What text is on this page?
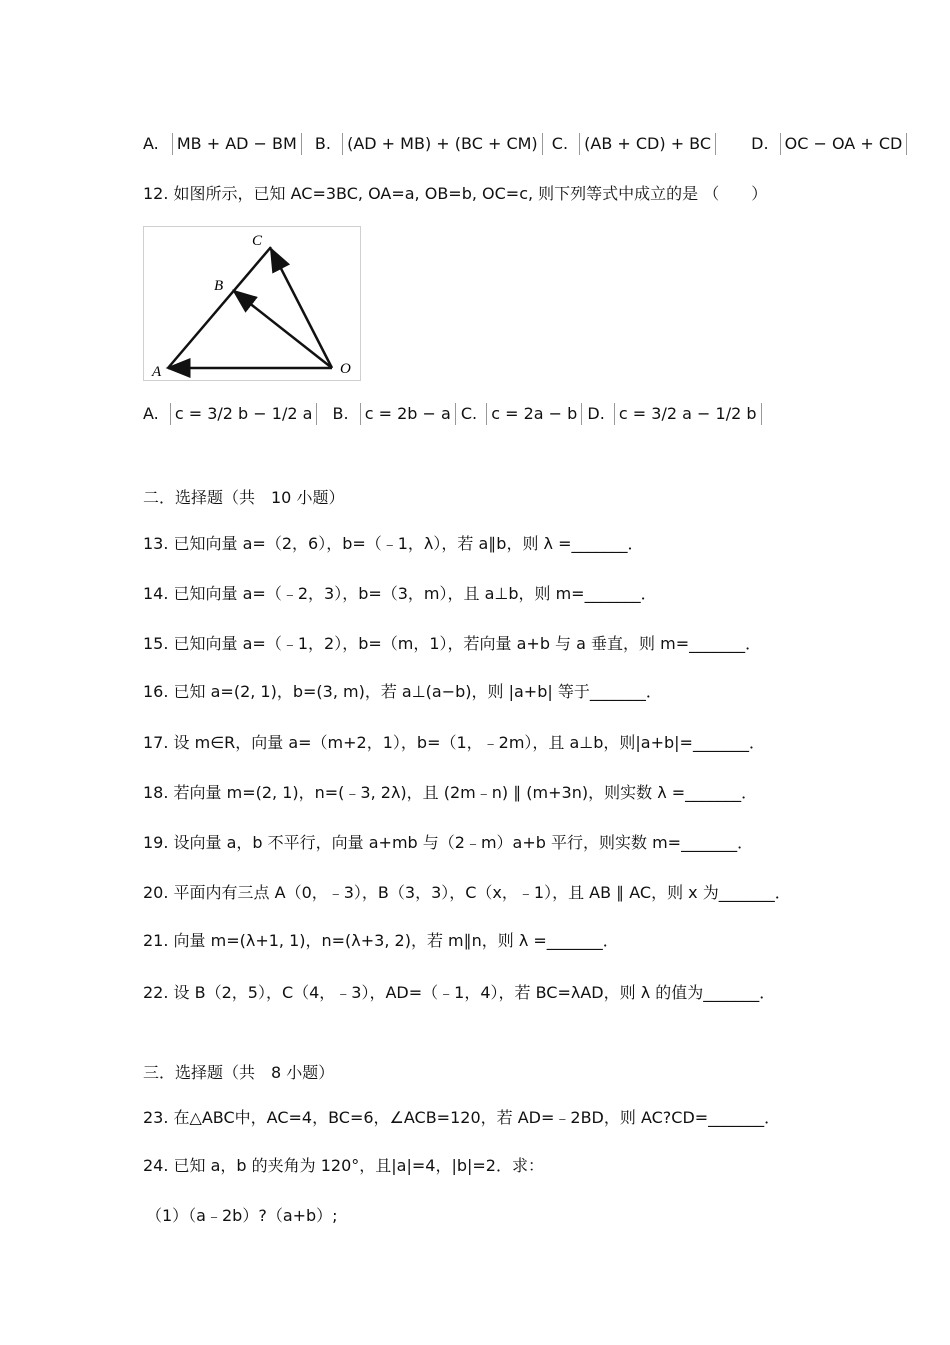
A. MB + AD − BM B. (AD + MB) + (BC + CM) C. (AB + CD) + BC	D. OC − OA + CD
12. 如图所示，已知 AC=3BC, OA=a, OB=b, OC=c, 则下列等式中成立的是 （　　）
A
B
C
O
A. c = 3/2 b − 1/2 a B. c = 2b − a C. c = 2a − b D. c = 3/2 a − 1/2 b
二．选择题（共　10 小题）
13. 已知向量 a=（2，6），b=（﹣1，λ），若 a∥b，则 λ =_______．
14. 已知向量 a=（﹣2，3），b=（3，m），且 a⊥b，则 m=_______．
15. 已知向量 a=（﹣1，2），b=（m，1），若向量 a+b 与 a 垂直，则 m=_______．
16. 已知 a=(2, 1)，b=(3, m)，若 a⊥(a−b)，则 |a+b| 等于_______．
17. 设 m∈R，向量 a=（m+2，1），b=（1，﹣2m），且 a⊥b，则|a+b|=_______．
18. 若向量 m=(2, 1)，n=(﹣3, 2λ)，且 (2m﹣n) ∥ (m+3n)，则实数 λ =_______．
19. 设向量 a，b 不平行，向量 a+mb 与（2﹣m）a+b 平行，则实数 m=_______．
20. 平面内有三点 A（0，﹣3），B（3，3），C（x，﹣1），且 AB ∥ AC，则 x 为_______．
21. 向量 m=(λ+1, 1)，n=(λ+3, 2)，若 m∥n，则 λ =_______．
22. 设 B（2，5），C（4，﹣3），AD=（﹣1，4），若 BC=λAD，则 λ 的值为_______．
三．选择题（共　8 小题）
23. 在△ABC中，AC=4，BC=6，∠ACB=120，若 AD=﹣2BD，则 AC?CD=_______．
24. 已知 a，b 的夹角为 120°，且|a|=4，|b|=2．求：
（1）（a﹣2b）?（a+b）;
